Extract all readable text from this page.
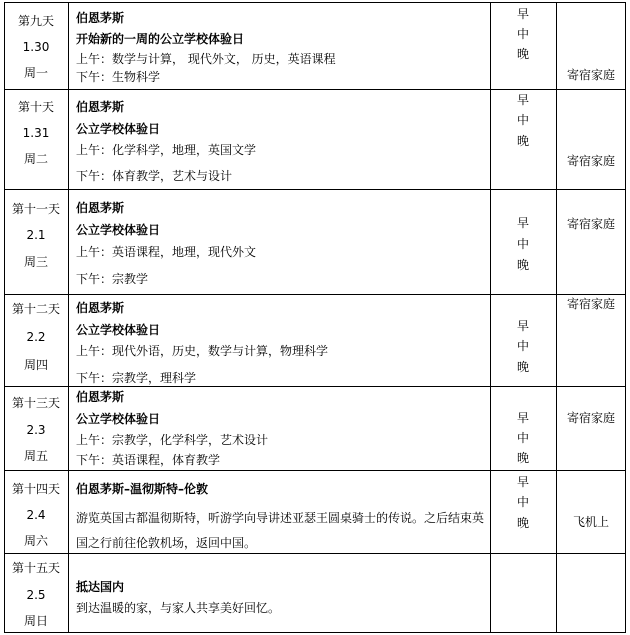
第九天
1.30
周一
伯恩茅斯
开始新的一周的公立学校体验日
上午：数学与计算， 现代外文， 历史，英语课程
下午：生物科学
早
中
晚
寄宿家庭
第十天
1.31
周二
伯恩茅斯
公立学校体验日
上午：化学科学，地理，英国文学
下午：体育教学，艺术与设计
早
中
晚
寄宿家庭
第十一天
2.1
周三
伯恩茅斯
公立学校体验日
上午：英语课程，地理，现代外文
下午：宗教学
早
中
晚
寄宿家庭
第十二天
2.2
周四
伯恩茅斯
公立学校体验日
上午：现代外语，历史，数学与计算，物理科学
下午：宗教学，理科学
早
中
晚
寄宿家庭
第十三天
2.3
周五
伯恩茅斯
公立学校体验日
上午：宗教学，化学科学，艺术设计
下午：英语课程，体育教学
早
中
晚
寄宿家庭
第十四天
2.4
周六
伯恩茅斯–温彻斯特–伦敦
游览英国古都温彻斯特，听游学向导讲述亚瑟王圆桌骑士的传说。之后结束英
国之行前往伦敦机场，返回中国。
早
中
晚	飞机上
第十五天
2.5
周日
抵达国内
到达温暖的家，与家人共享美好回忆。
